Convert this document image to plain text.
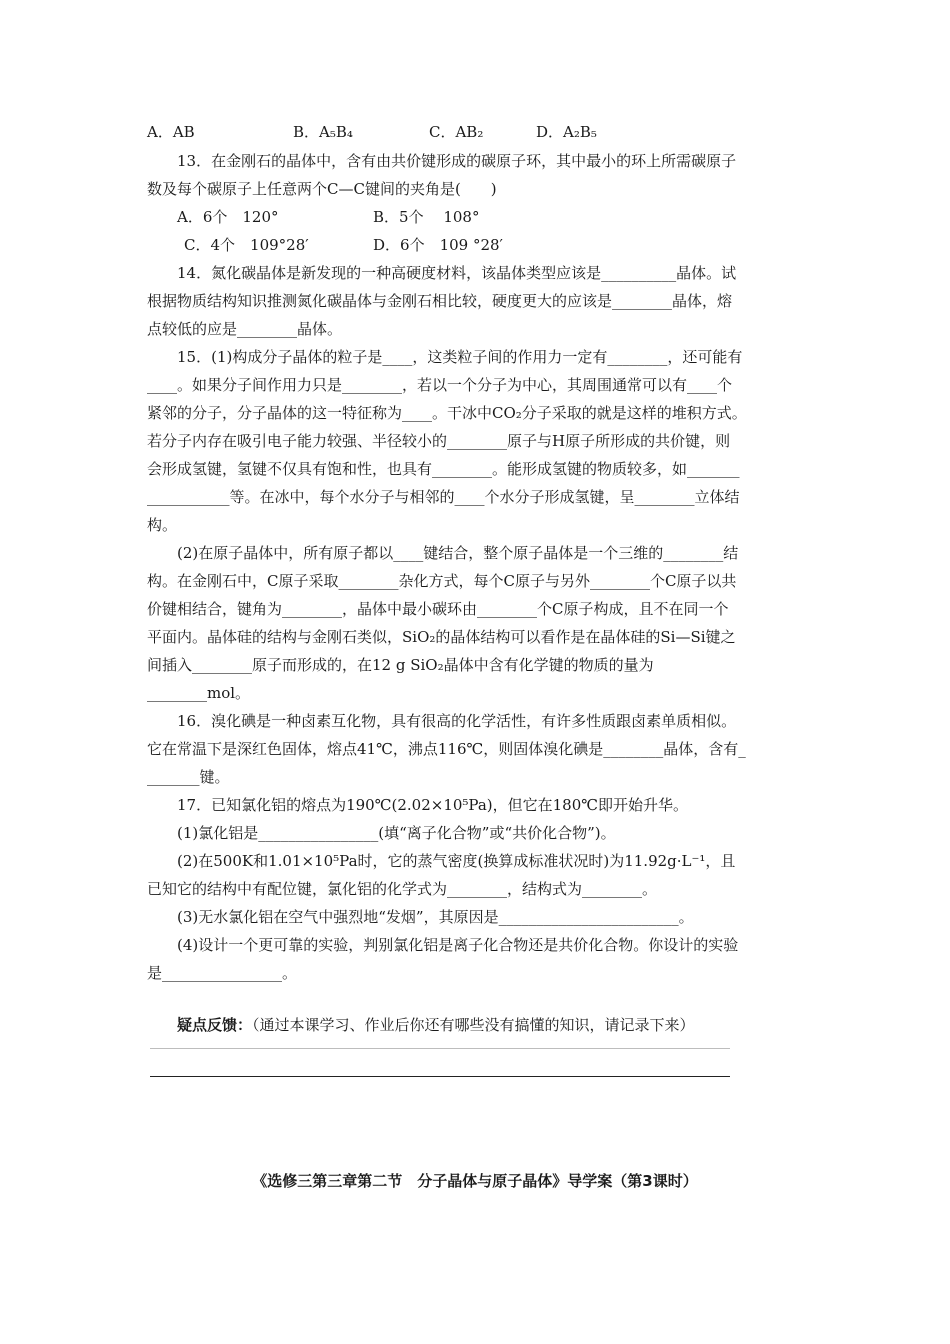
A．AB	B．A₅B₄	C．AB₂	D．A₂B₅
13．在金刚石的晶体中，含有由共价键形成的碳原子环，其中最小的环上所需碳原子
数及每个碳原子上任意两个C—C键间的夹角是(　　)
A．6个　120°	B．5个　 108°
C．4个　109°28′	D．6个　109 °28′
14．氮化碳晶体是新发现的一种高硬度材料，该晶体类型应该是__________晶体。试
根据物质结构知识推测氮化碳晶体与金刚石相比较，硬度更大的应该是________晶体，熔
点较低的应是________晶体。
15．(1)构成分子晶体的粒子是____，这类粒子间的作用力一定有________，还可能有
____。如果分子间作用力只是________，若以一个分子为中心，其周围通常可以有____个
紧邻的分子，分子晶体的这一特征称为____。干冰中CO₂分子采取的就是这样的堆积方式。
若分子内存在吸引电子能力较强、半径较小的________原子与H原子所形成的共价键，则
会形成氢键，氢键不仅具有饱和性，也具有________。能形成氢键的物质较多，如_______
___________等。在冰中，每个水分子与相邻的____个水分子形成氢键，呈________立体结
构。
(2)在原子晶体中，所有原子都以____键结合，整个原子晶体是一个三维的________结
构。在金刚石中，C原子采取________杂化方式，每个C原子与另外________个C原子以共
价键相结合，键角为________，晶体中最小碳环由________个C原子构成，且不在同一个
平面内。晶体硅的结构与金刚石类似，SiO₂的晶体结构可以看作是在晶体硅的Si—Si键之
间插入________原子而形成的，在12 g SiO₂晶体中含有化学键的物质的量为
________mol。
16．溴化碘是一种卤素互化物，具有很高的化学活性，有许多性质跟卤素单质相似。
它在常温下是深红色固体，熔点41℃，沸点116℃，则固体溴化碘是________晶体，含有_
_______键。
17．已知氯化铝的熔点为190℃(2.02×10⁵Pa)，但它在180℃即开始升华。
(1)氯化铝是________________(填“离子化合物”或“共价化合物”)。
(2)在500K和1.01×10⁵Pa时，它的蒸气密度(换算成标准状况时)为11.92g·L⁻¹，且
已知它的结构中有配位键，氯化铝的化学式为________，结构式为________。
(3)无水氯化铝在空气中强烈地“发烟”，其原因是________________________。
(4)设计一个更可靠的实验，判别氯化铝是离子化合物还是共价化合物。你设计的实验
是________________。
疑点反馈：（通过本课学习、作业后你还有哪些没有搞懂的知识，请记录下来）
《选修三第三章第二节　分子晶体与原子晶体》导学案（第3课时）
